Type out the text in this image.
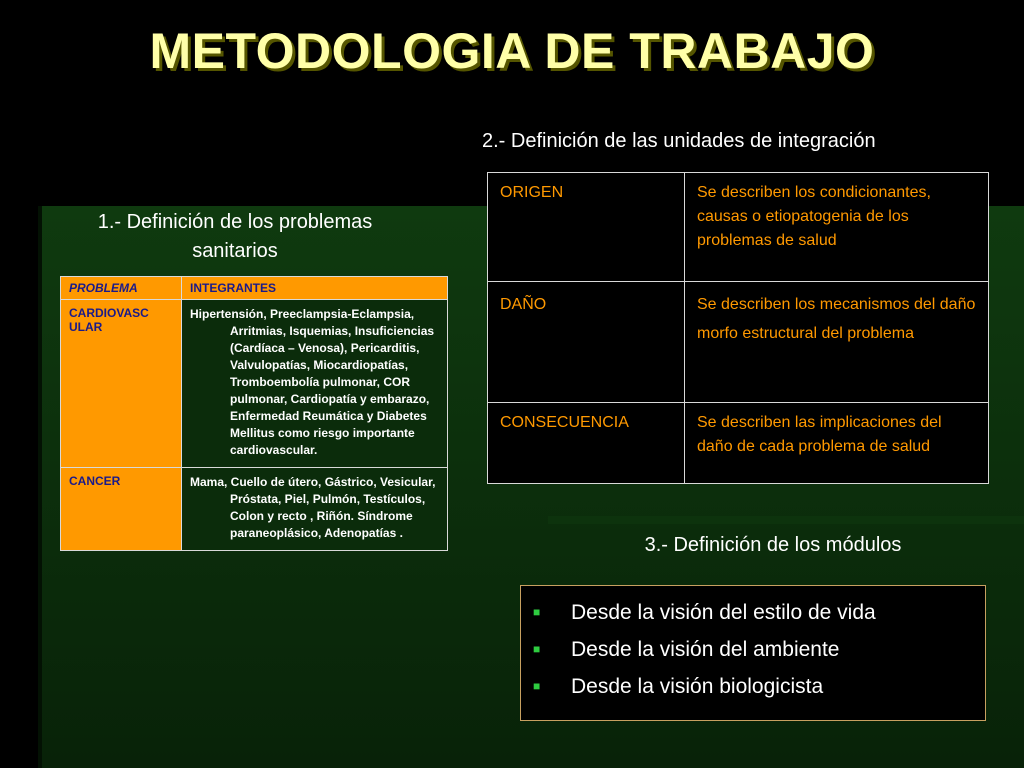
METODOLOGIA DE TRABAJO

1.- Definición de los problemas
sanitarios

PROBLEMA	INTEGRANTES

CARDIOVASCULAR	Hipertensión, Preeclampsia-Eclampsia, Arritmias, Isquemias, Insuficiencias (Cardíaca – Venosa), Pericarditis, Valvulopatías, Miocardiopatías, Tromboembolía pulmonar, COR pulmonar, Cardiopatía y embarazo, Enfermedad Reumática y Diabetes Mellitus como riesgo importante cardiovascular.

CANCER	Mama, Cuello de útero, Gástrico, Vesicular, Próstata, Piel, Pulmón, Testículos, Colon y recto , Riñón. Síndrome paraneoplásico, Adenopatías .

2.- Definición de las unidades de integración

ORIGEN	Se describen los condicionantes, causas o etiopatogenia de los problemas de salud
DAÑO	Se describen los mecanismos del daño morfo estructural del problema
CONSECUENCIA	Se describen las implicaciones del daño de cada problema de salud

3.- Definición de los módulos

■	Desde la visión del estilo de vida
■	Desde la visión del ambiente
■	Desde la visión biologicista
